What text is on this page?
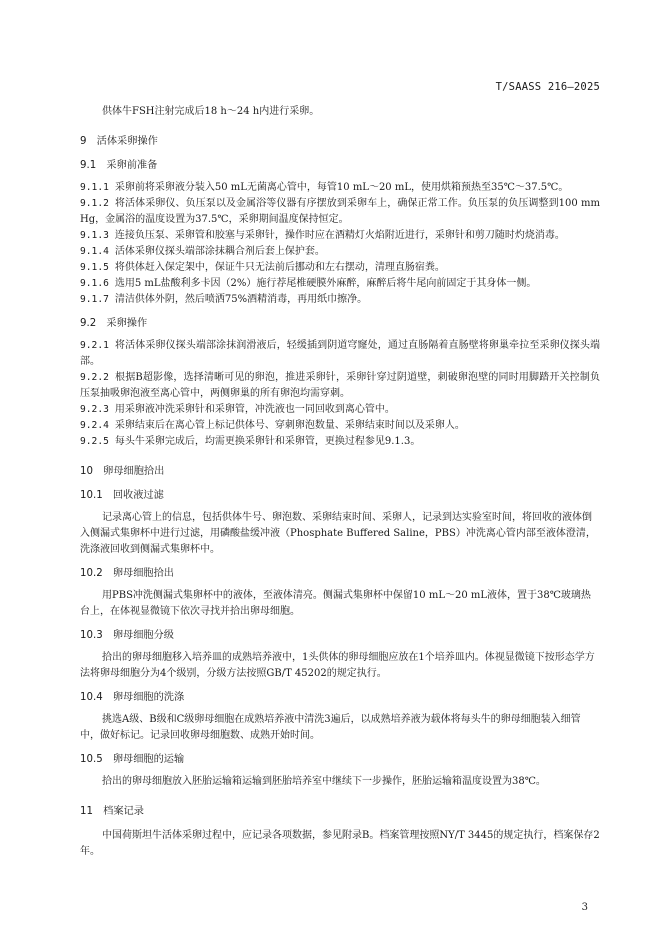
T/SAASS 216—2025

供体牛FSH注射完成后18 h～24 h内进行采卵。

9　活体采卵操作

9.1　采卵前准备

9.1.1 采卵前将采卵液分装入50 mL无菌离心管中，每管10 mL～20 mL，使用烘箱预热至35℃～37.5℃。

9.1.2 将活体采卵仪、负压泵以及金属浴等仪器有序摆放到采卵车上，确保正常工作。负压泵的负压调整到100 mm Hg，金属浴的温度设置为37.5℃，采卵期间温度保持恒定。

9.1.3 连接负压泵、采卵管和胶塞与采卵针，操作时应在酒精灯火焰附近进行，采卵针和剪刀随时灼烧消毒。

9.1.4 活体采卵仪探头端部涂抹耦合剂后套上保护套。

9.1.5 将供体赶入保定架中，保证牛只无法前后挪动和左右摆动，清理直肠宿粪。

9.1.6 选用5 mL盐酸利多卡因（2%）施行荐尾椎硬膜外麻醉，麻醉后将牛尾向前固定于其身体一侧。

9.1.7 清洁供体外阴，然后喷洒75%酒精消毒，再用纸巾擦净。

9.2　采卵操作

9.2.1 将活体采卵仪探头端部涂抹润滑液后，轻缓插到阴道穹窿处，通过直肠隔着直肠壁将卵巢牵拉至采卵仪探头端部。

9.2.2 根据B超影像，选择清晰可见的卵泡，推进采卵针，采卵针穿过阴道壁，刺破卵泡壁的同时用脚踏开关控制负压泵抽吸卵泡液至离心管中，两侧卵巢的所有卵泡均需穿刺。

9.2.3 用采卵液冲洗采卵针和采卵管，冲洗液也一同回收到离心管中。

9.2.4 采卵结束后在离心管上标记供体号、穿刺卵泡数量、采卵结束时间以及采卵人。

9.2.5 每头牛采卵完成后，均需更换采卵针和采卵管，更换过程参见9.1.3。

10　卵母细胞拾出

10.1　回收液过滤

记录离心管上的信息，包括供体牛号、卵泡数、采卵结束时间、采卵人，记录到达实验室时间，将回收的液体倒入侧漏式集卵杯中进行过滤，用磷酸盐缓冲液（Phosphate Buffered Saline，PBS）冲洗离心管内部至液体澄清，洗涤液回收到侧漏式集卵杯中。

10.2　卵母细胞拾出

用PBS冲洗侧漏式集卵杯中的液体，至液体清亮。侧漏式集卵杯中保留10 mL～20 mL液体，置于38℃玻璃热台上，在体视显微镜下依次寻找并拾出卵母细胞。

10.3　卵母细胞分级

拾出的卵母细胞移入培养皿的成熟培养液中，1头供体的卵母细胞应放在1个培养皿内。体视显微镜下按形态学方法将卵母细胞分为4个级别，分级方法按照GB/T 45202的规定执行。

10.4　卵母细胞的洗涤

挑选A级、B级和C级卵母细胞在成熟培养液中清洗3遍后，以成熟培养液为载体将每头牛的卵母细胞装入细管中，做好标记。记录回收卵母细胞数、成熟开始时间。

10.5　卵母细胞的运输

拾出的卵母细胞放入胚胎运输箱运输到胚胎培养室中继续下一步操作，胚胎运输箱温度设置为38℃。

11　档案记录

中国荷斯坦牛活体采卵过程中，应记录各项数据，参见附录B。档案管理按照NY/T 3445的规定执行，档案保存2年。

3
